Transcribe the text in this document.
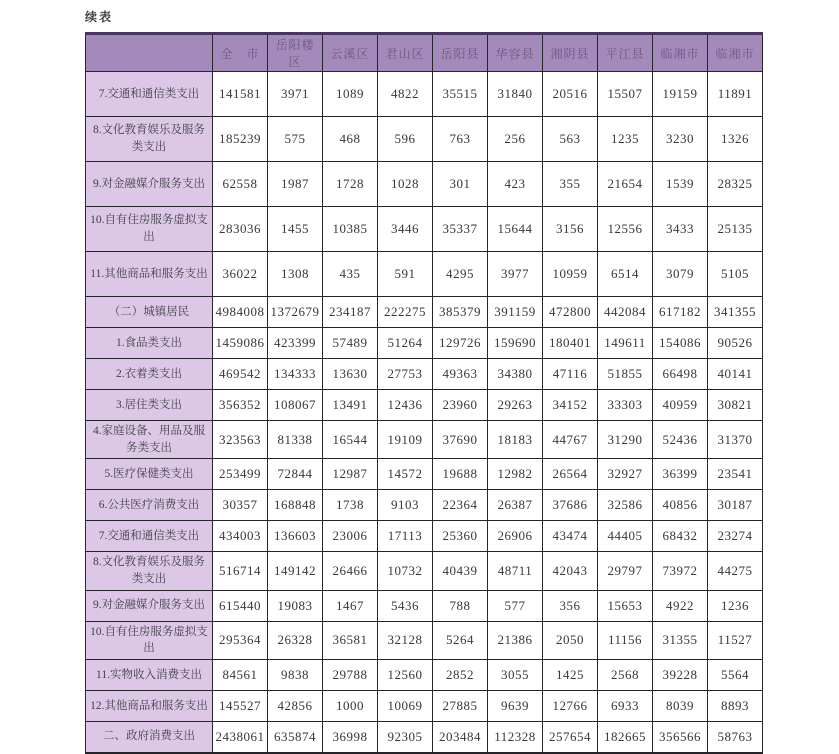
续表
	全　市	岳阳楼区	云溪区	君山区	岳阳县	华容县	湘阴县	平江县	临湘市	临湘市
7.交通和通信类支出	141581	3971	1089	4822	35515	31840	20516	15507	19159	11891
8.文化教育娱乐及服务类支出	185239	575	468	596	763	256	563	1235	3230	1326
9.对金融媒介服务支出	62558	1987	1728	1028	301	423	355	21654	1539	28325
10.自有住房服务虚拟支出	283036	1455	10385	3446	35337	15644	3156	12556	3433	25135
11.其他商品和服务支出	36022	1308	435	591	4295	3977	10959	6514	3079	5105
（二）城镇居民	4984008	1372679	234187	222275	385379	391159	472800	442084	617182	341355
1.食品类支出	1459086	423399	57489	51264	129726	159690	180401	149611	154086	90526
2.衣着类支出	469542	134333	13630	27753	49363	34380	47116	51855	66498	40141
3.居住类支出	356352	108067	13491	12436	23960	29263	34152	33303	40959	30821
4.家庭设备、用品及服务类支出	323563	81338	16544	19109	37690	18183	44767	31290	52436	31370
5.医疗保健类支出	253499	72844	12987	14572	19688	12982	26564	32927	36399	23541
6.公共医疗消费支出	30357	168848	1738	9103	22364	26387	37686	32586	40856	30187
7.交通和通信类支出	434003	136603	23006	17113	25360	26906	43474	44405	68432	23274
8.文化教育娱乐及服务类支出	516714	149142	26466	10732	40439	48711	42043	29797	73972	44275
9.对金融媒介服务支出	615440	19083	1467	5436	788	577	356	15653	4922	1236
10.自有住房服务虚拟支出	295364	26328	36581	32128	5264	21386	2050	11156	31355	11527
11.实物收入消费支出	84561	9838	29788	12560	2852	3055	1425	2568	39228	5564
12.其他商品和服务支出	145527	42856	1000	10069	27885	9639	12766	6933	8039	8893
二、政府消费支出	2438061	635874	36998	92305	203484	112328	257654	182665	356566	58763
